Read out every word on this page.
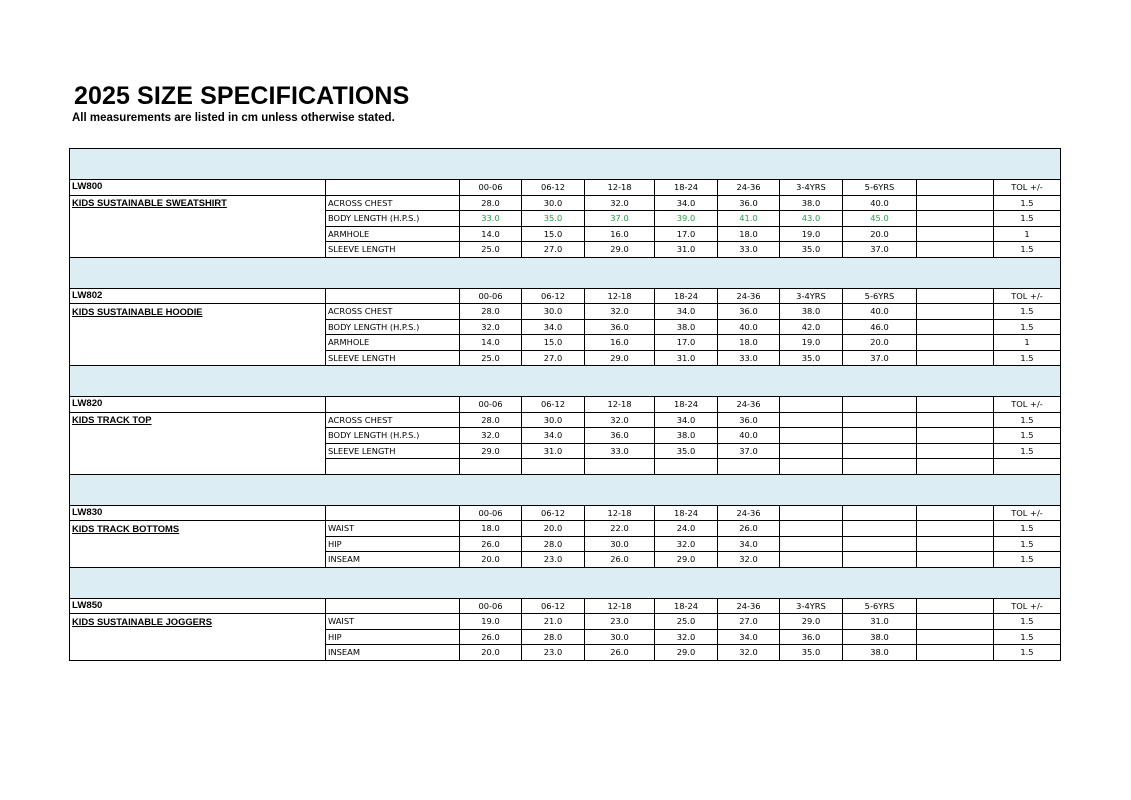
2025 SIZE SPECIFICATIONS
All measurements are listed in cm unless otherwise stated.

LW800		00-06	06-12	12-18	18-24	24-36	3-4YRS	5-6YRS		TOL +/-
KIDS SUSTAINABLE SWEATSHIRT	ACROSS CHEST	28.0	30.0	32.0	34.0	36.0	38.0	40.0		1.5
	BODY LENGTH (H.P.S.)	33.0	35.0	37.0	39.0	41.0	43.0	45.0		1.5
	ARMHOLE	14.0	15.0	16.0	17.0	18.0	19.0	20.0		1
	SLEEVE LENGTH	25.0	27.0	29.0	31.0	33.0	35.0	37.0		1.5

LW802		00-06	06-12	12-18	18-24	24-36	3-4YRS	5-6YRS		TOL +/-
KIDS SUSTAINABLE HOODIE	ACROSS CHEST	28.0	30.0	32.0	34.0	36.0	38.0	40.0		1.5
	BODY LENGTH (H.P.S.)	32.0	34.0	36.0	38.0	40.0	42.0	46.0		1.5
	ARMHOLE	14.0	15.0	16.0	17.0	18.0	19.0	20.0		1
	SLEEVE LENGTH	25.0	27.0	29.0	31.0	33.0	35.0	37.0		1.5

LW820		00-06	06-12	12-18	18-24	24-36				TOL +/-
KIDS TRACK TOP	ACROSS CHEST	28.0	30.0	32.0	34.0	36.0				1.5
	BODY LENGTH (H.P.S.)	32.0	34.0	36.0	38.0	40.0				1.5
	SLEEVE LENGTH	29.0	31.0	33.0	35.0	37.0				1.5

LW830		00-06	06-12	12-18	18-24	24-36				TOL +/-
KIDS TRACK BOTTOMS	WAIST	18.0	20.0	22.0	24.0	26.0				1.5
	HIP	26.0	28.0	30.0	32.0	34.0				1.5
	INSEAM	20.0	23.0	26.0	29.0	32.0				1.5

LW850		00-06	06-12	12-18	18-24	24-36	3-4YRS	5-6YRS		TOL +/-
KIDS SUSTAINABLE JOGGERS	WAIST	19.0	21.0	23.0	25.0	27.0	29.0	31.0		1.5
	HIP	26.0	28.0	30.0	32.0	34.0	36.0	38.0		1.5
	INSEAM	20.0	23.0	26.0	29.0	32.0	35.0	38.0		1.5
